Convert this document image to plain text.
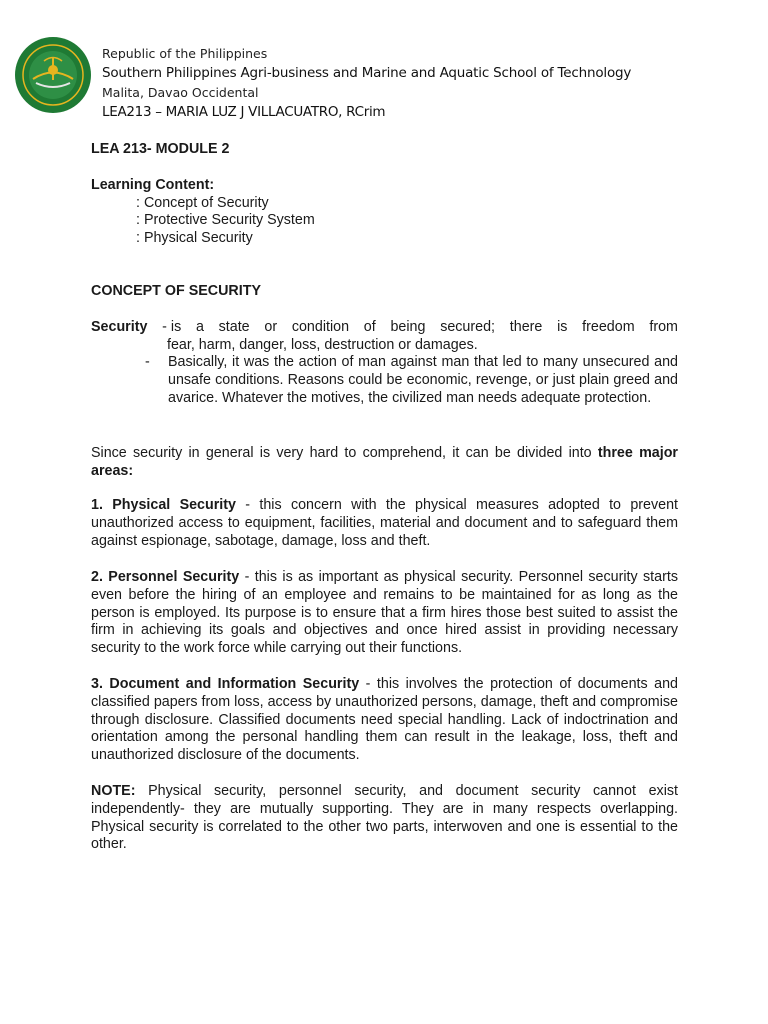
Republic of the Philippines
Southern Philippines Agri-business and Marine and Aquatic School of Technology
Malita, Davao Occidental
LEA213 – MARIA LUZ J VILLACUATRO, RCrim
LEA 213- MODULE 2
Learning Content:
: Concept of Security
: Protective Security System
: Physical Security
CONCEPT OF SECURITY
Security - is a state or condition of being secured; there is freedom from
fear, harm, danger, loss, destruction or damages.
- Basically, it was the action of man against man that led to many unsecured and unsafe conditions. Reasons could be economic, revenge, or just plain greed and avarice. Whatever the motives, the civilized man needs adequate protection.
Since security in general is very hard to comprehend, it can be divided into three major areas:
1. Physical Security - this concern with the physical measures adopted to prevent unauthorized access to equipment, facilities, material and document and to safeguard them against espionage, sabotage, damage, loss and theft.
2. Personnel Security - this is as important as physical security. Personnel security starts even before the hiring of an employee and remains to be maintained for as long as the person is employed. Its purpose is to ensure that a firm hires those best suited to assist the firm in achieving its goals and objectives and once hired assist in providing necessary security to the work force while carrying out their functions.
3. Document and Information Security - this involves the protection of documents and classified papers from loss, access by unauthorized persons, damage, theft and compromise through disclosure. Classified documents need special handling. Lack of indoctrination and orientation among the personal handling them can result in the leakage, loss, theft and unauthorized disclosure of the documents.
NOTE: Physical security, personnel security, and document security cannot exist independently- they are mutually supporting. They are in many respects overlapping. Physical security is correlated to the other two parts, interwoven and one is essential to the other.
